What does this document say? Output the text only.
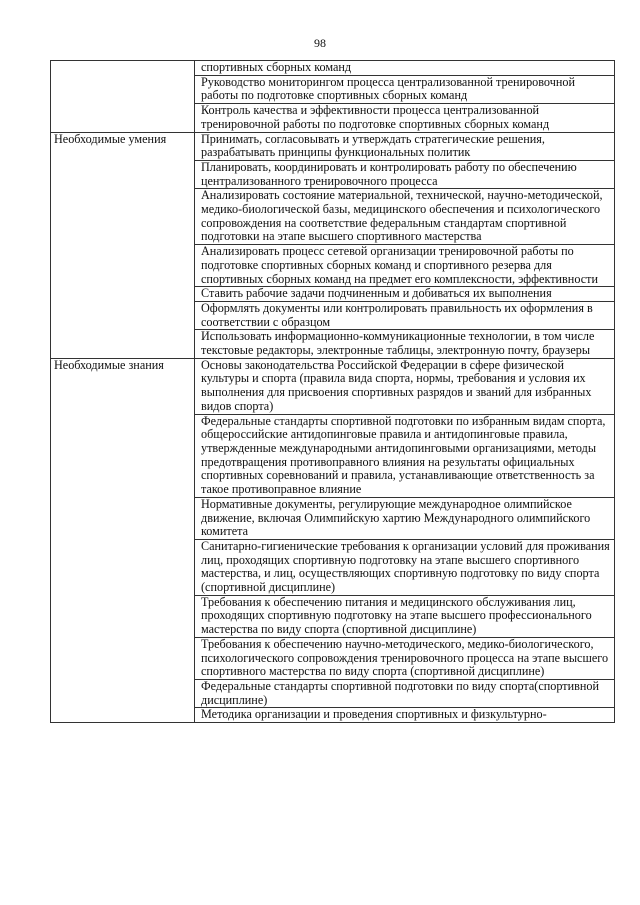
98
	спортивных сборных команд
	Руководство мониторингом процесса централизованной тренировочной работы по подготовке спортивных сборных команд
	Контроль качества и эффективности процесса централизованной тренировочной работы по подготовке спортивных сборных команд
Необходимые умения	Принимать, согласовывать и утверждать стратегические решения, разрабатывать принципы функциональных политик
	Планировать, координировать и контролировать работу по обеспечению централизованного тренировочного процесса
	Анализировать состояние материальной, технической, научно-методической, медико-биологической базы, медицинского обеспечения и психологического сопровождения на соответствие федеральным стандартам спортивной подготовки на этапе высшего спортивного мастерства
	Анализировать процесс сетевой организации тренировочной работы по подготовке спортивных сборных команд и спортивного резерва для спортивных сборных команд на предмет его комплексности, эффективности
	Ставить рабочие задачи подчиненным и добиваться их выполнения
	Оформлять документы или контролировать правильность их оформления в соответствии с образцом
	Использовать информационно-коммуникационные технологии, в том числе текстовые редакторы, электронные таблицы, электронную почту, браузеры
Необходимые знания	Основы законодательства Российской Федерации в сфере физической культуры и спорта (правила вида спорта, нормы, требования и условия их выполнения для присвоения спортивных разрядов и званий для избранных видов спорта)
	Федеральные стандарты спортивной подготовки по избранным видам спорта, общероссийские антидопинговые правила и антидопинговые правила, утвержденные международными антидопинговыми организациями, методы предотвращения противоправного влияния на результаты официальных спортивных соревнований и правила, устанавливающие ответственность за такое противоправное влияние
	Нормативные документы, регулирующие международное олимпийское движение, включая Олимпийскую хартию Международного олимпийского комитета
	Санитарно-гигиенические требования к организации условий для проживания лиц, проходящих спортивную подготовку на этапе высшего спортивного мастерства, и лиц, осуществляющих спортивную подготовку по виду спорта (спортивной дисциплине)
	Требования к обеспечению питания и медицинского обслуживания лиц, проходящих спортивную подготовку на этапе высшего профессионального мастерства по виду спорта (спортивной дисциплине)
	Требования к обеспечению научно-методического, медико-биологического, психологического сопровождения тренировочного процесса на этапе высшего спортивного мастерства по виду спорта (спортивной дисциплине)
	Федеральные стандарты спортивной подготовки по виду спорта(спортивной дисциплине)
	Методика организации и проведения спортивных и физкультурно-
